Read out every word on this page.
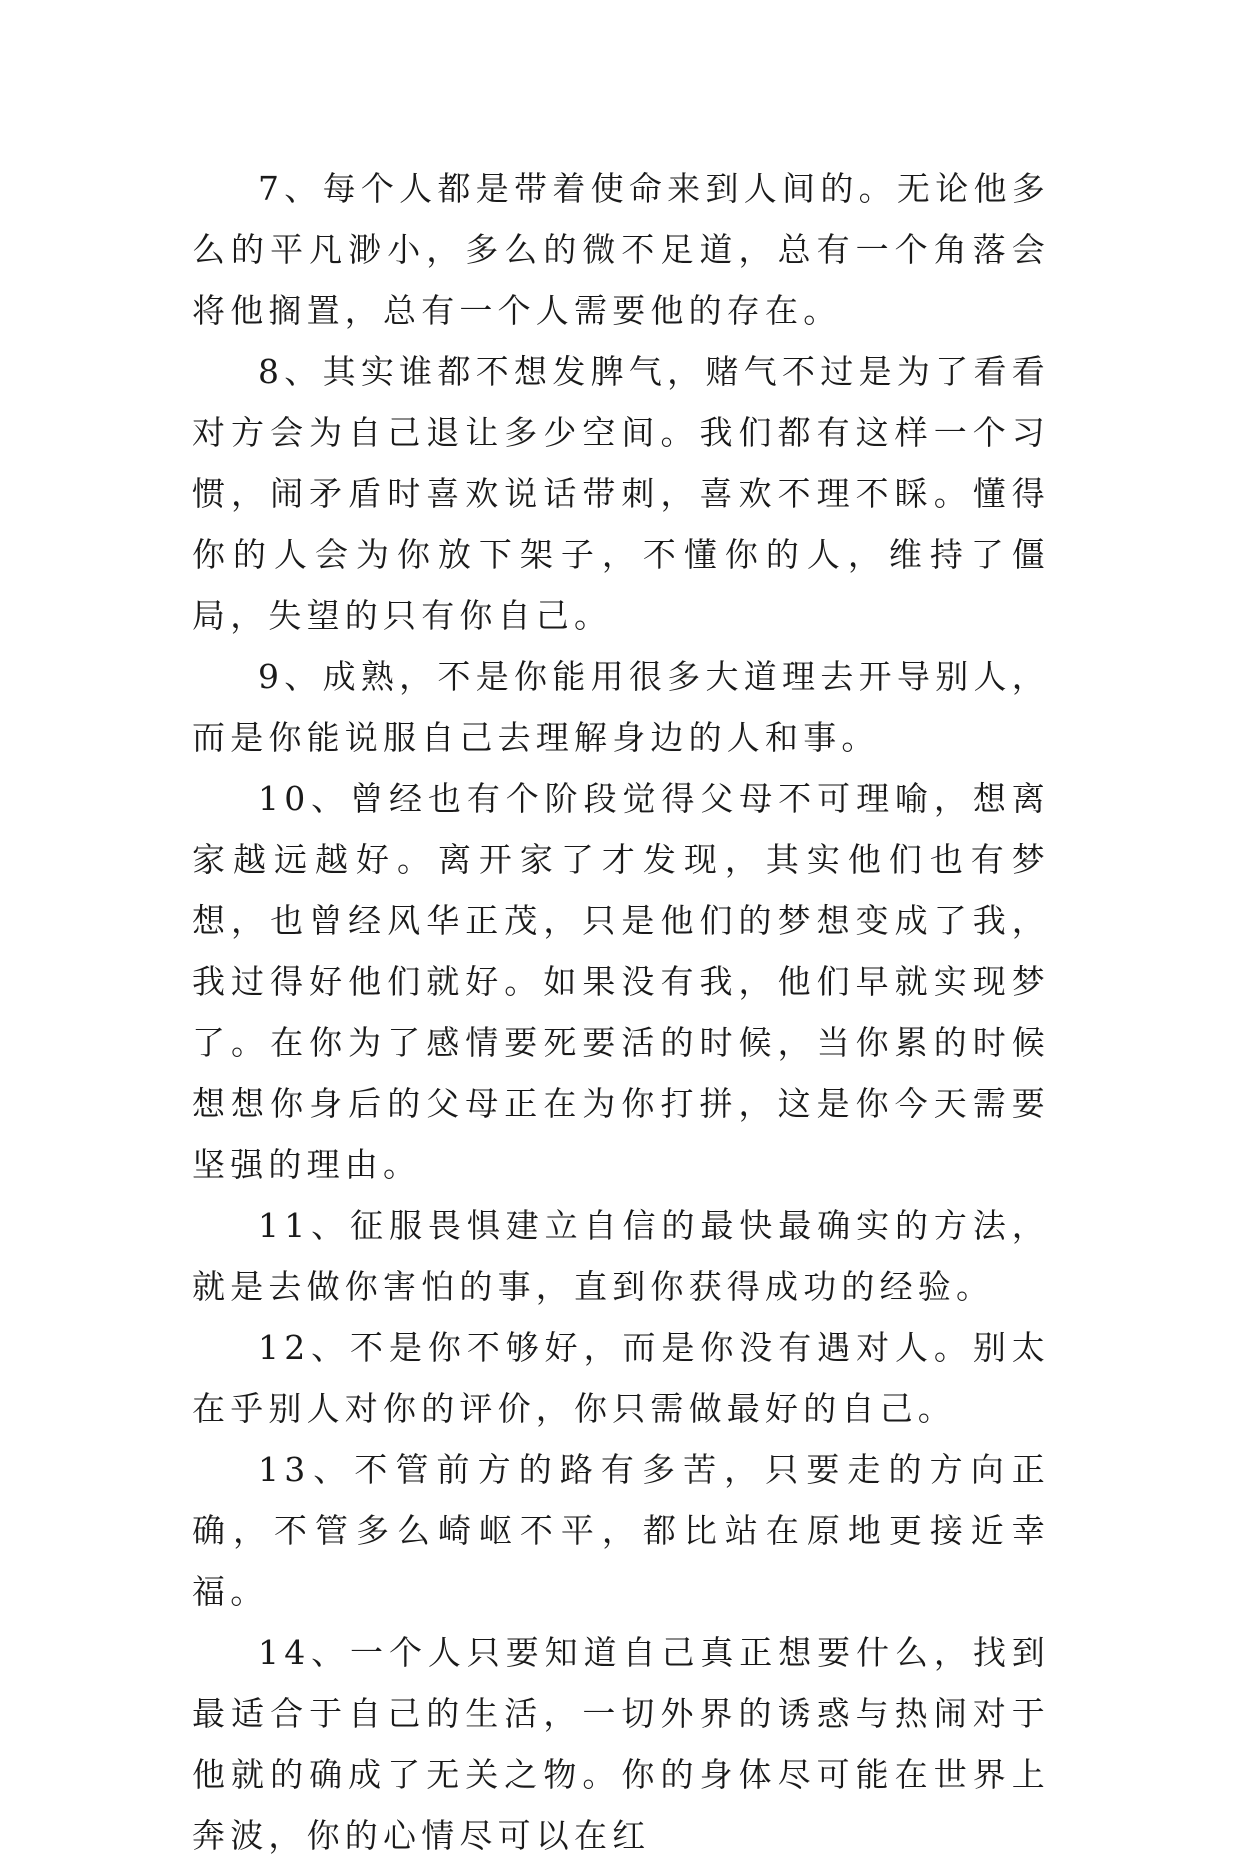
7、每个人都是带着使命来到人间的。无论他多么的平凡渺小，多么的微不足道，总有一个角落会将他搁置，总有一个人需要他的存在。

8、其实谁都不想发脾气，赌气不过是为了看看对方会为自己退让多少空间。我们都有这样一个习惯，闹矛盾时喜欢说话带刺，喜欢不理不睬。懂得你的人会为你放下架子，不懂你的人，维持了僵局，失望的只有你自己。

9、成熟，不是你能用很多大道理去开导别人，而是你能说服自己去理解身边的人和事。

10、曾经也有个阶段觉得父母不可理喻，想离家越远越好。离开家了才发现，其实他们也有梦想，也曾经风华正茂，只是他们的梦想变成了我，我过得好他们就好。如果没有我，他们早就实现梦了。在你为了感情要死要活的时候，当你累的时候想想你身后的父母正在为你打拼，这是你今天需要坚强的理由。

11、征服畏惧建立自信的最快最确实的方法，就是去做你害怕的事，直到你获得成功的经验。

12、不是你不够好，而是你没有遇对人。别太在乎别人对你的评价，你只需做最好的自己。

13、不管前方的路有多苦，只要走的方向正确，不管多么崎岖不平，都比站在原地更接近幸福。

14、一个人只要知道自己真正想要什么，找到最适合于自己的生活，一切外界的诱惑与热闹对于他就的确成了无关之物。你的身体尽可能在世界上奔波，你的心情尽可以在红
